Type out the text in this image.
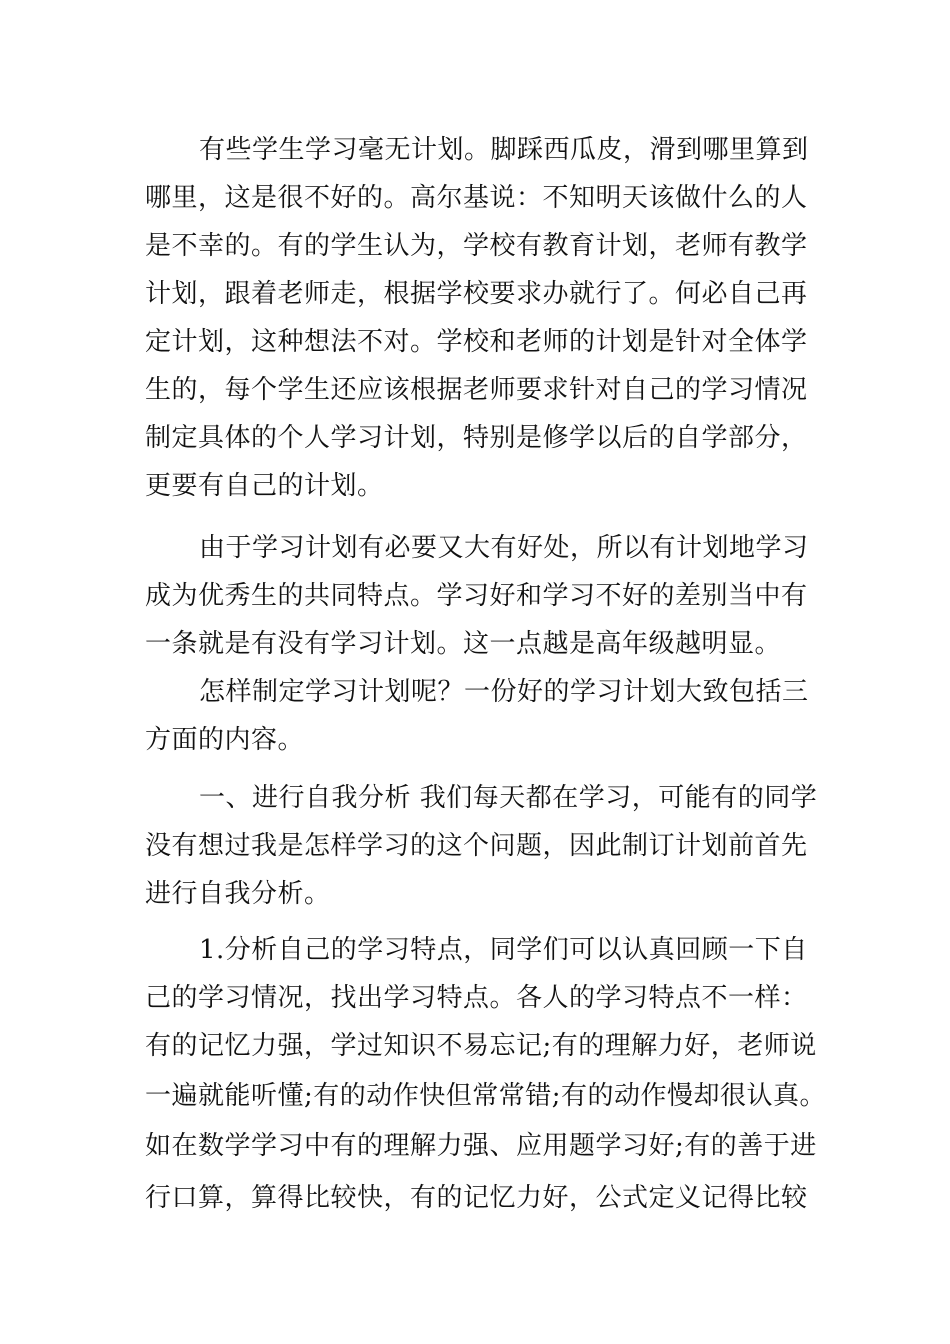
有些学生学习毫无计划。脚踩西瓜皮，滑到哪里算到
哪里，这是很不好的。高尔基说：不知明天该做什么的人
是不幸的。有的学生认为，学校有教育计划，老师有教学
计划，跟着老师走，根据学校要求办就行了。何必自己再
定计划，这种想法不对。学校和老师的计划是针对全体学
生的，每个学生还应该根据老师要求针对自己的学习情况
制定具体的个人学习计划，特别是修学以后的自学部分，
更要有自己的计划。
由于学习计划有必要又大有好处，所以有计划地学习
成为优秀生的共同特点。学习好和学习不好的差别当中有
一条就是有没有学习计划。这一点越是高年级越明显。
怎样制定学习计划呢？一份好的学习计划大致包括三
方面的内容。
一、进行自我分析 我们每天都在学习，可能有的同学
没有想过我是怎样学习的这个问题，因此制订计划前首先
进行自我分析。
1.分析自己的学习特点，同学们可以认真回顾一下自
己的学习情况，找出学习特点。各人的学习特点不一样：
有的记忆力强，学过知识不易忘记;有的理解力好，老师说
一遍就能听懂;有的动作快但常常错;有的动作慢却很认真。
如在数学学习中有的理解力强、应用题学习好;有的善于进
行口算，算得比较快，有的记忆力好，公式定义记得比较
